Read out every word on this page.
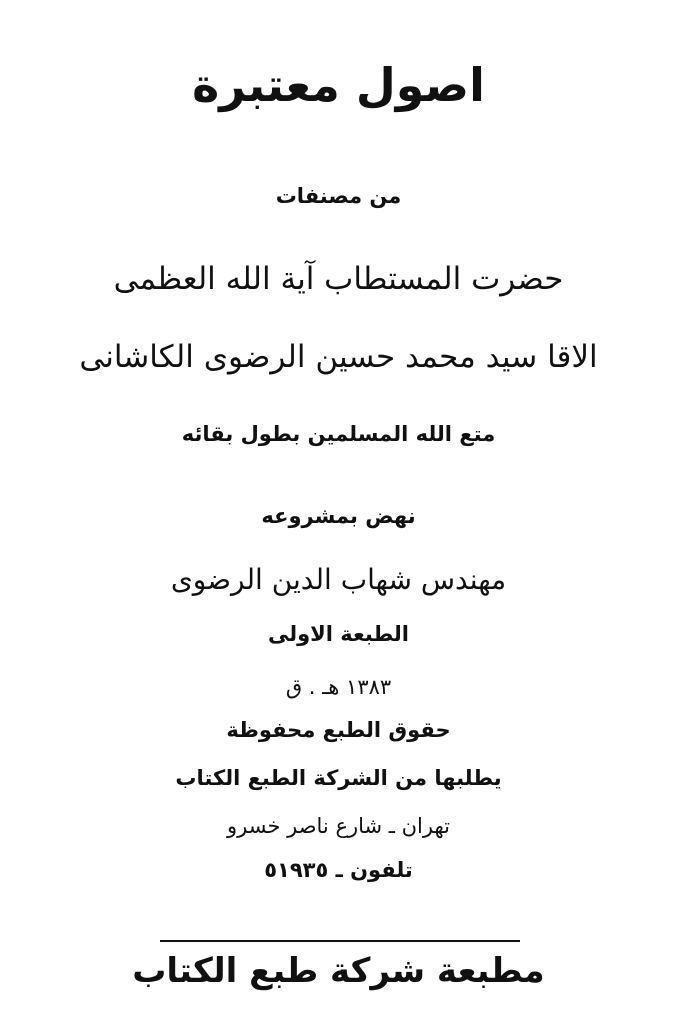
اصول معتبرة
من مصنفات
حضرت المستطاب آية الله العظمى
الاقا سيد محمد حسين الرضوى الكاشانى
متع الله المسلمين بطول بقائه
نهض بمشروعه
مهندس شهاب الدين الرضوى
الطبعة الاولى
١٣٨٣ هـ . ق
حقوق الطبع محفوظة
يطلبها من الشركة الطبع الكتاب
تهران ـ شارع ناصر خسرو
تلفون ـ ٥١٩٣٥
مطبعة شركة طبع الكتاب
